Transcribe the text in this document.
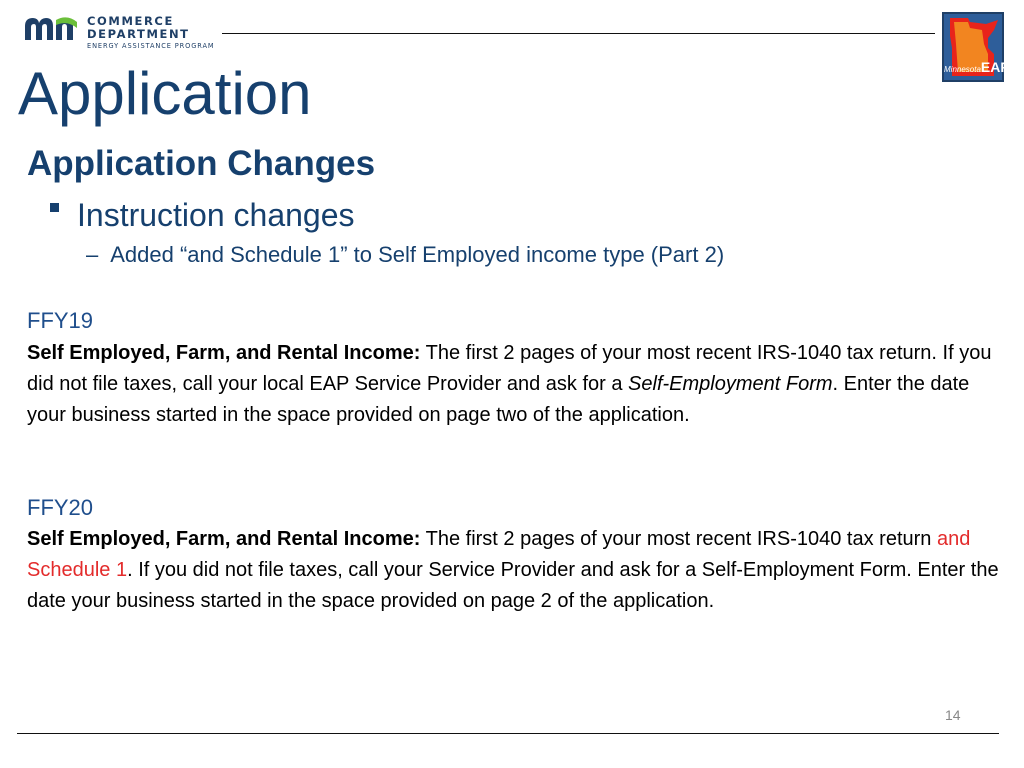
COMMERCE
DEPARTMENT
ENERGY ASSISTANCE PROGRAM
MinnesotaEAP
Application
Application Changes
Instruction changes
– Added “and Schedule 1” to Self Employed income type (Part 2)
FFY19
Self Employed, Farm, and Rental Income: The first 2 pages of your most recent IRS-1040 tax return. If you did not file taxes, call your local EAP Service Provider and ask for a Self-Employment Form. Enter the date your business started in the space provided on page two of the application.
FFY20
Self Employed, Farm, and Rental Income: The first 2 pages of your most recent IRS-1040 tax return and Schedule 1. If you did not file taxes, call your Service Provider and ask for a Self-Employment Form. Enter the date your business started in the space provided on page 2 of the application.
14
